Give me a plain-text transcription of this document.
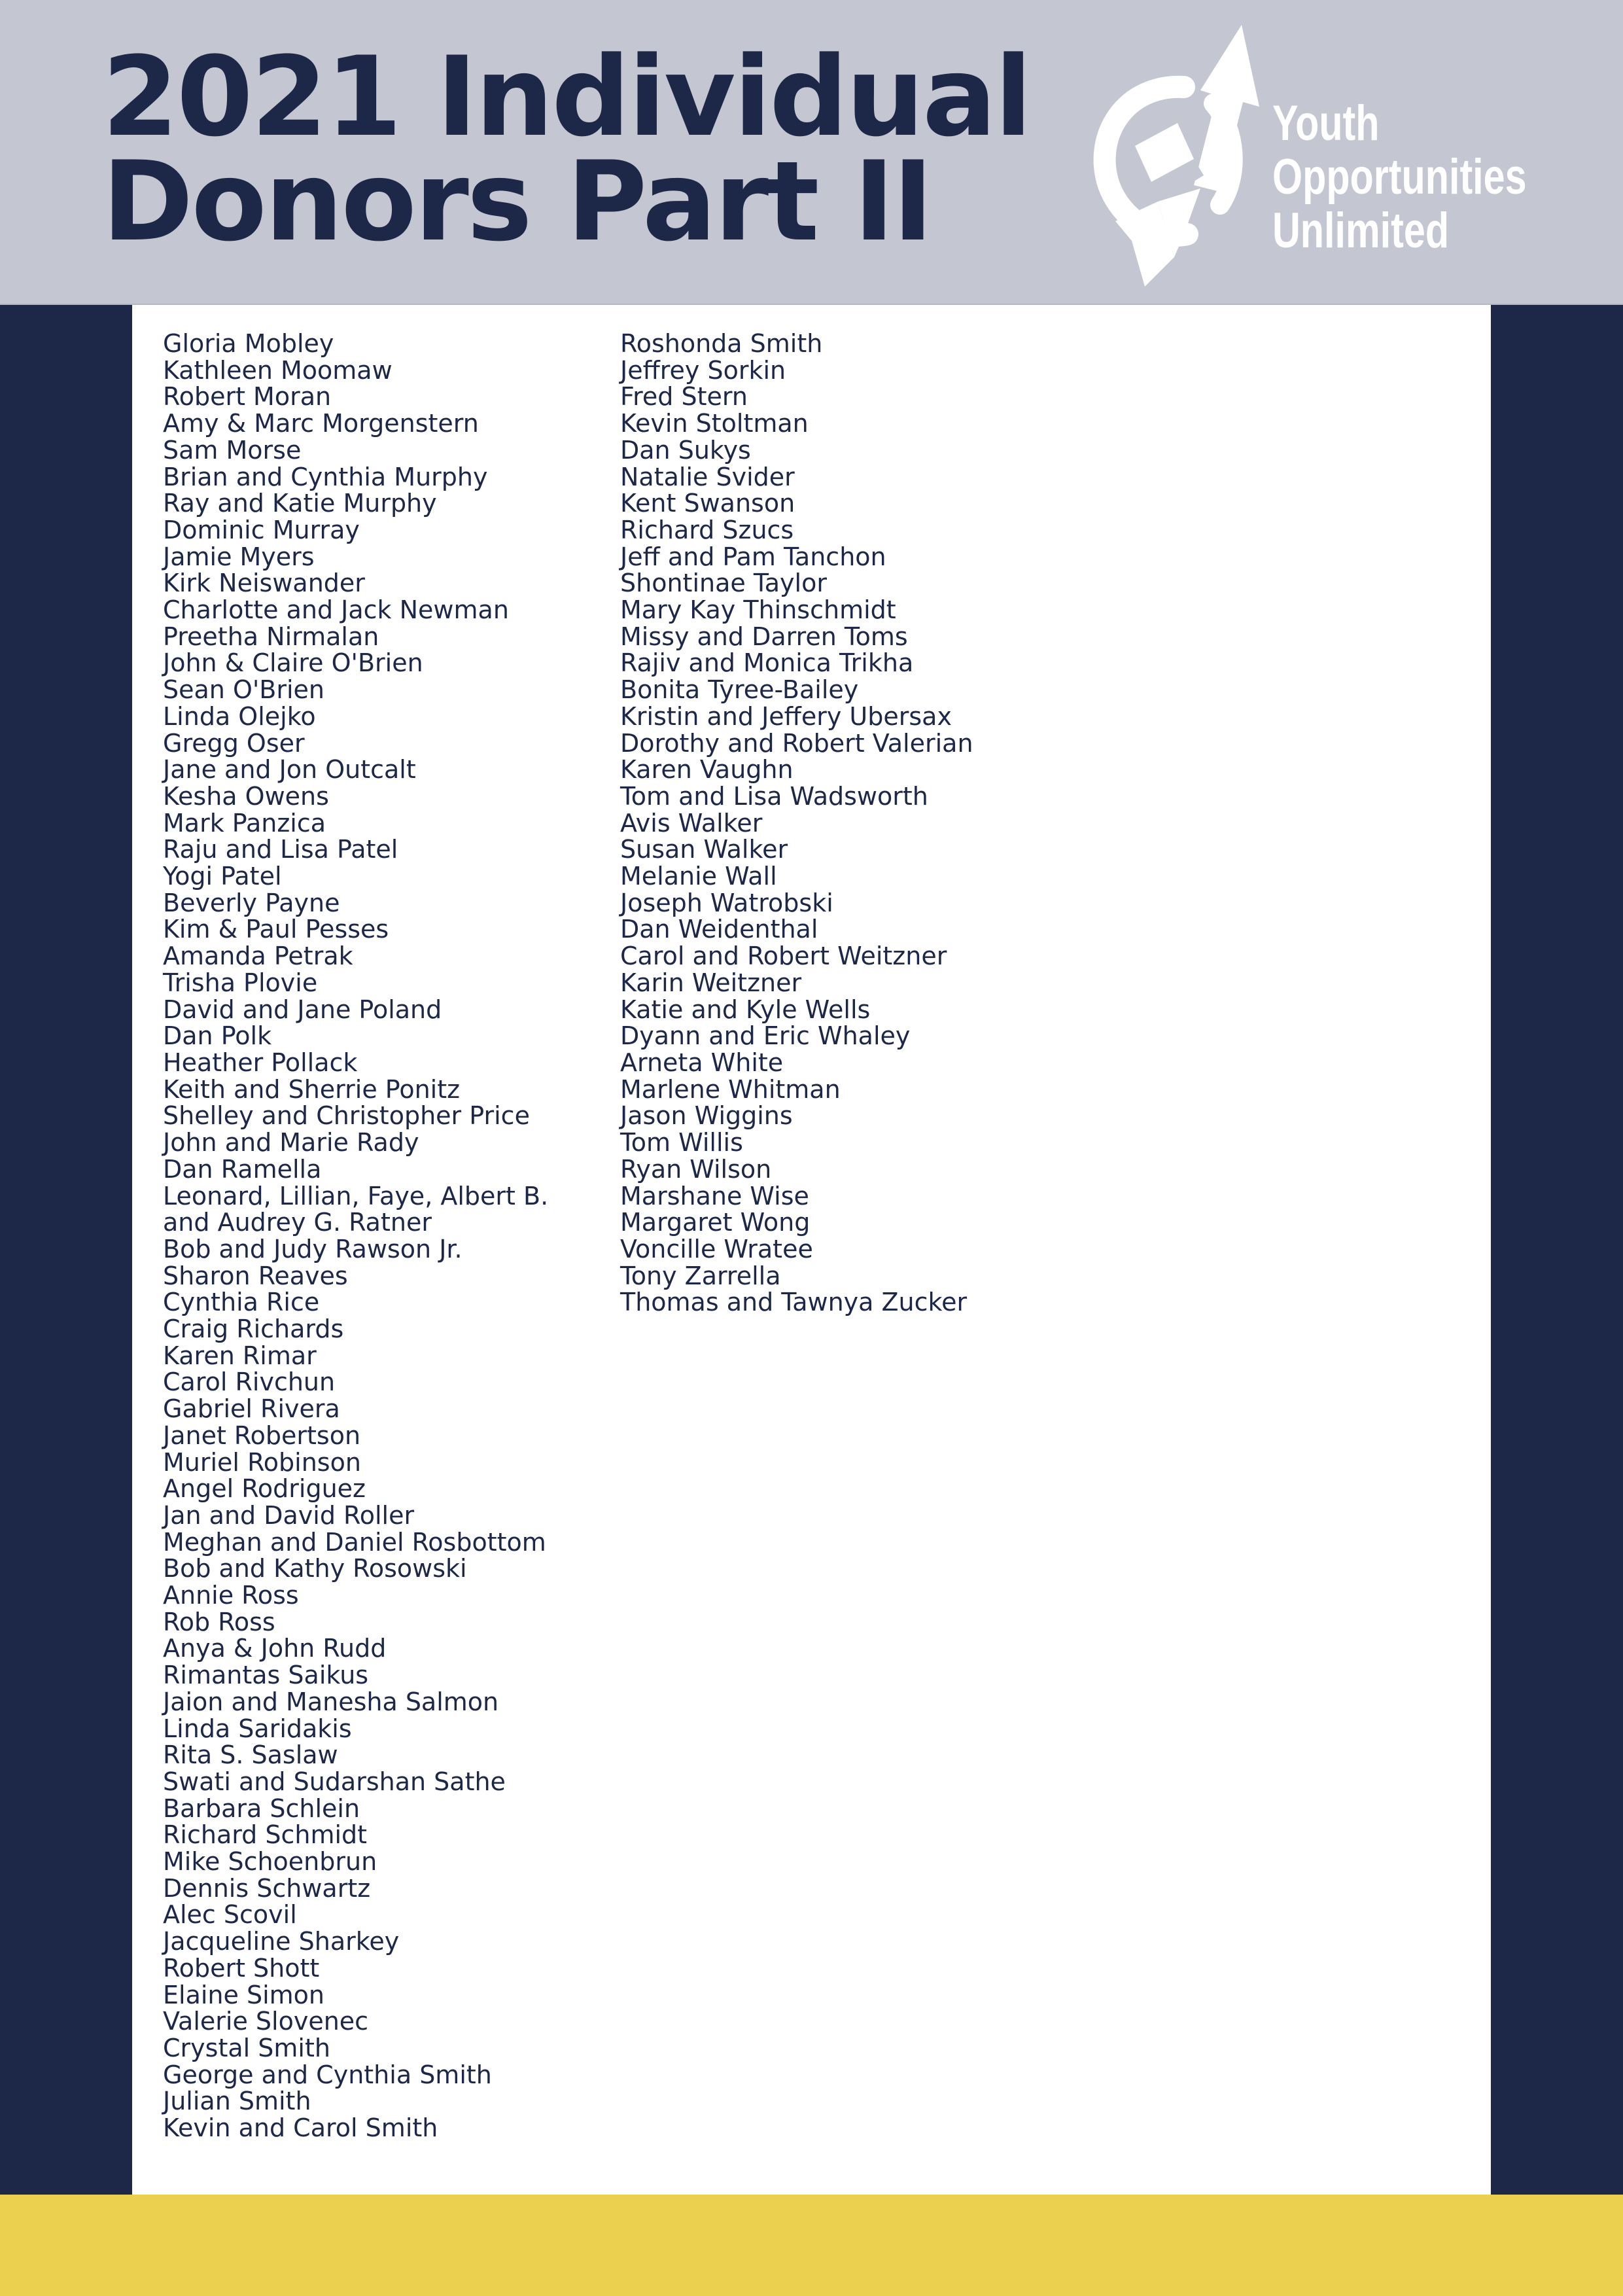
2021 Individual
Donors Part II
Youth
Opportunities
Unlimited
Gloria Mobley
Kathleen Moomaw
Robert Moran
Amy & Marc Morgenstern
Sam Morse
Brian and Cynthia Murphy
Ray and Katie Murphy
Dominic Murray
Jamie Myers
Kirk Neiswander
Charlotte and Jack Newman
Preetha Nirmalan
John & Claire O'Brien
Sean O'Brien
Linda Olejko
Gregg Oser
Jane and Jon Outcalt
Kesha Owens
Mark Panzica
Raju and Lisa Patel
Yogi Patel
Beverly Payne
Kim & Paul Pesses
Amanda Petrak
Trisha Plovie
David and Jane Poland
Dan Polk
Heather Pollack
Keith and Sherrie Ponitz
Shelley and Christopher Price
John and Marie Rady
Dan Ramella
Leonard, Lillian, Faye, Albert B.
and Audrey G. Ratner
Bob and Judy Rawson Jr.
Sharon Reaves
Cynthia Rice
Craig Richards
Karen Rimar
Carol Rivchun
Gabriel Rivera
Janet Robertson
Muriel Robinson
Angel Rodriguez
Jan and David Roller
Meghan and Daniel Rosbottom
Bob and Kathy Rosowski
Annie Ross
Rob Ross
Anya & John Rudd
Rimantas Saikus
Jaion and Manesha Salmon
Linda Saridakis
Rita S. Saslaw
Swati and Sudarshan Sathe
Barbara Schlein
Richard Schmidt
Mike Schoenbrun
Dennis Schwartz
Alec Scovil
Jacqueline Sharkey
Robert Shott
Elaine Simon
Valerie Slovenec
Crystal Smith
George and Cynthia Smith
Julian Smith
Kevin and Carol Smith
Roshonda Smith
Jeffrey Sorkin
Fred Stern
Kevin Stoltman
Dan Sukys
Natalie Svider
Kent Swanson
Richard Szucs
Jeff and Pam Tanchon
Shontinae Taylor
Mary Kay Thinschmidt
Missy and Darren Toms
Rajiv and Monica Trikha
Bonita Tyree-Bailey
Kristin and Jeffery Ubersax
Dorothy and Robert Valerian
Karen Vaughn
Tom and Lisa Wadsworth
Avis Walker
Susan Walker
Melanie Wall
Joseph Watrobski
Dan Weidenthal
Carol and Robert Weitzner
Karin Weitzner
Katie and Kyle Wells
Dyann and Eric Whaley
Arneta White
Marlene Whitman
Jason Wiggins
Tom Willis
Ryan Wilson
Marshane Wise
Margaret Wong
Voncille Wratee
Tony Zarrella
Thomas and Tawnya Zucker
